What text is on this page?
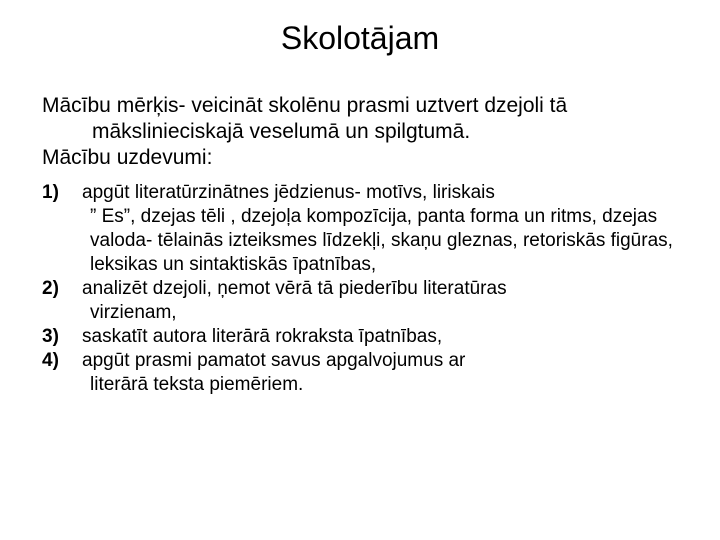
Skolotājam

Mācību mērķis- veicināt skolēnu prasmi uztvert dzejoli tā mākslinieciskajā veselumā un spilgtumā.

Mācību uzdevumi:

1)	apgūt literatūrzinātnes jēdzienus- motīvs, liriskais
” Es”, dzejas tēli , dzejoļa kompozīcija, panta forma un ritms, dzejas valoda- tēlainās izteiksmes līdzekļi, skaņu gleznas, retoriskās figūras, leksikas un sintaktiskās īpatnības,
2)	analizēt dzejoli, ņemot vērā tā piederību literatūras
virzienam,
3)	saskatīt autora literārā rokraksta īpatnības,
4)	apgūt prasmi pamatot savus apgalvojumus ar
literārā teksta piemēriem.
